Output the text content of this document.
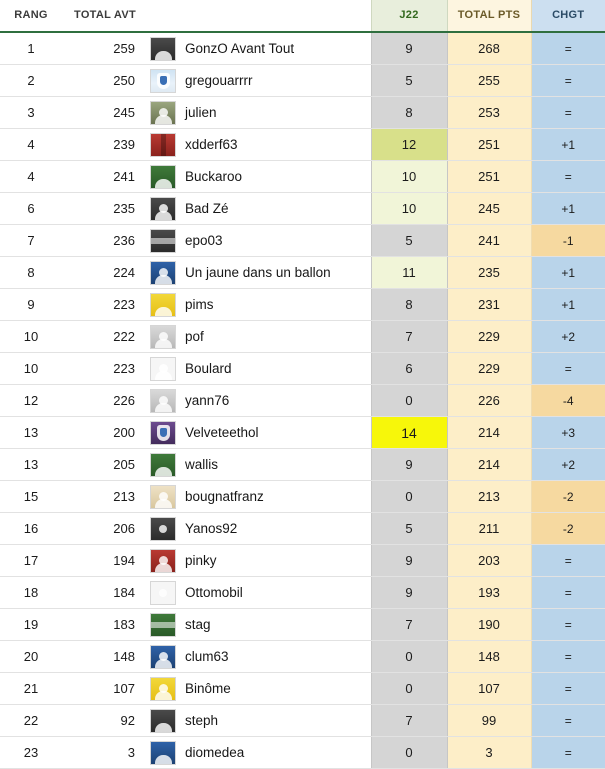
RANG	TOTAL AVT			J22	TOTAL PTS	CHGT
1	259		GonzO Avant Tout	9	268	=
2	250		gregouarrrr	5	255	=
3	245		julien	8	253	=
4	239		xdderf63	12	251	+1
4	241		Buckaroo	10	251	=
6	235		Bad Zé	10	245	+1
7	236		epo03	5	241	-1
8	224		Un jaune dans un ballon	11	235	+1
9	223		pims	8	231	+1
10	222		pof	7	229	+2
10	223		Boulard	6	229	=
12	226		yann76	0	226	-4
13	200		Velveteethol	14	214	+3
13	205		wallis	9	214	+2
15	213		bougnatfranz	0	213	-2
16	206		Yanos92	5	211	-2
17	194		pinky	9	203	=
18	184		Ottomobil	9	193	=
19	183		stag	7	190	=
20	148		clum63	0	148	=
21	107		Binôme	0	107	=
22	92		steph	7	99	=
23	3		diomedea	0	3	=
